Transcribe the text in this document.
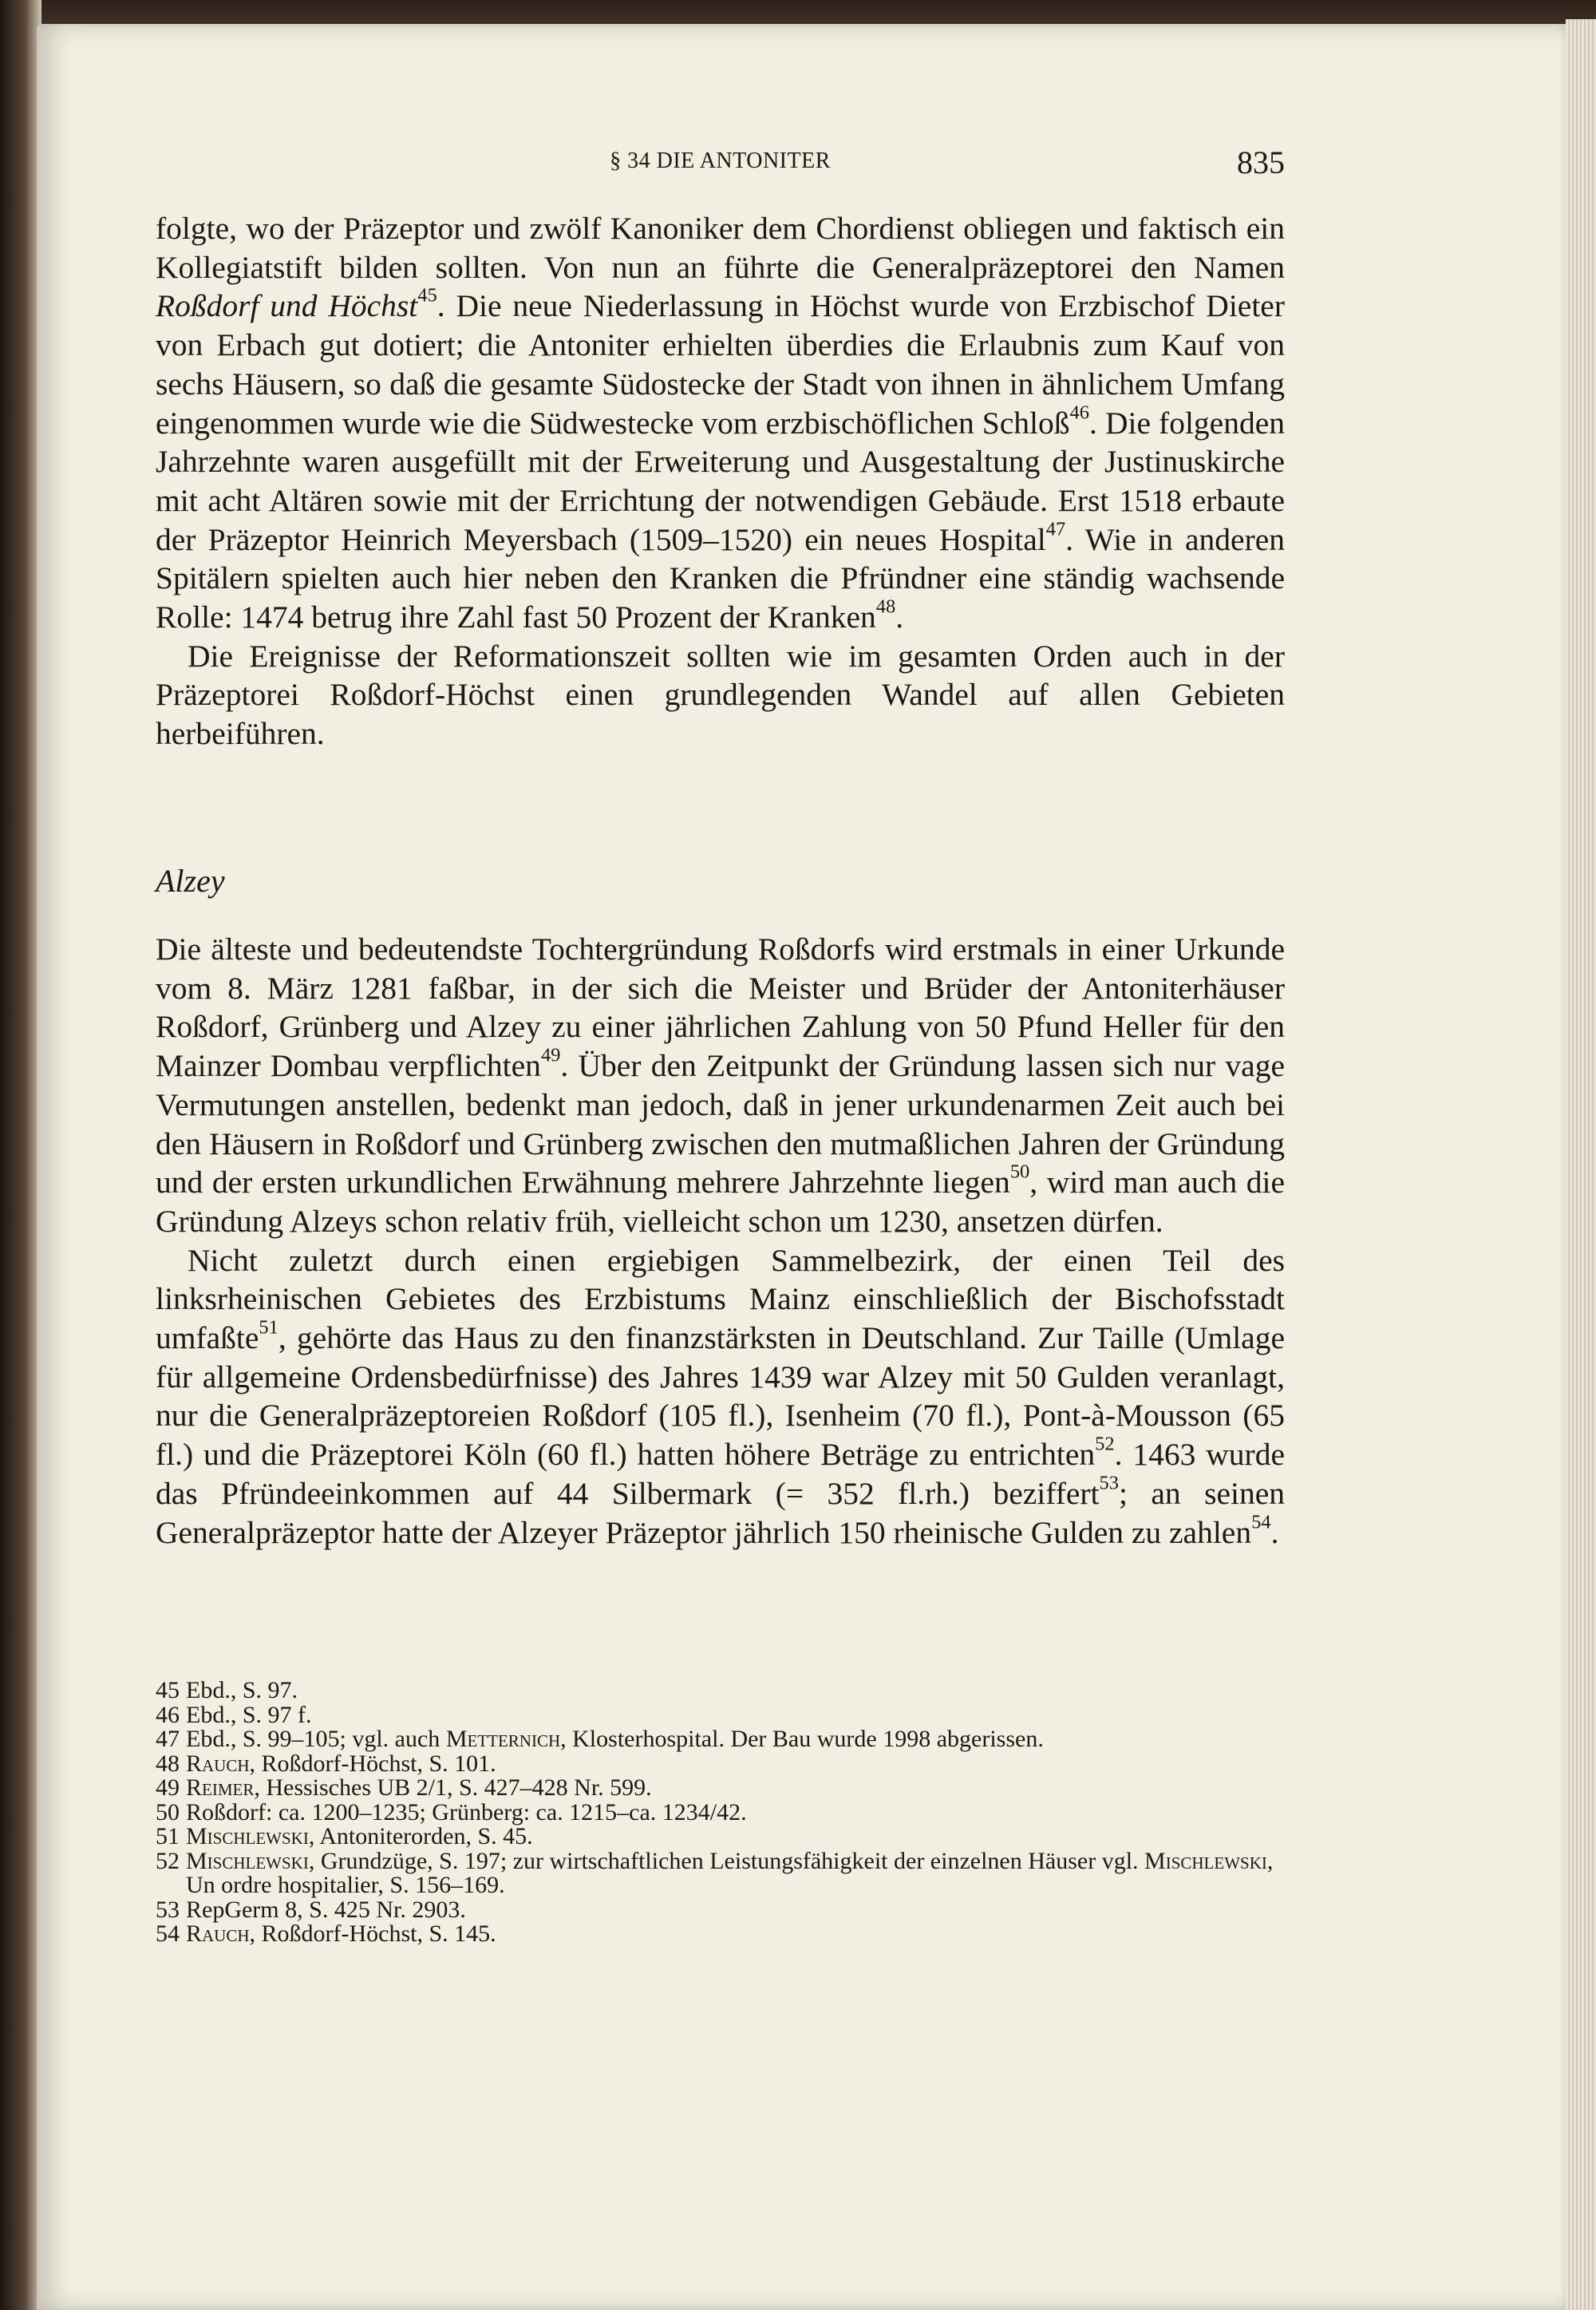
§ 34 DIE ANTONITER	835

folgte, wo der Präzeptor und zwölf Kanoniker dem Chordienst obliegen und faktisch ein Kollegiatstift bilden sollten. Von nun an führte die Generalpräzeptorei den Namen Roßdorf und Höchst$^{45}$. Die neue Niederlassung in Höchst wurde von Erzbischof Dieter von Erbach gut dotiert; die Antoniter erhielten überdies die Erlaubnis zum Kauf von sechs Häusern, so daß die gesamte Südostecke der Stadt von ihnen in ähnlichem Umfang eingenommen wurde wie die Südwestecke vom erzbischöflichen Schloß$^{46}$. Die folgenden Jahrzehnte waren ausgefüllt mit der Erweiterung und Ausgestaltung der Justinuskirche mit acht Altären sowie mit der Errichtung der notwendigen Gebäude. Erst 1518 erbaute der Präzeptor Heinrich Meyersbach (1509–1520) ein neues Hospital$^{47}$. Wie in anderen Spitälern spielten auch hier neben den Kranken die Pfründner eine ständig wachsende Rolle: 1474 betrug ihre Zahl fast 50 Prozent der Kranken$^{48}$.

Die Ereignisse der Reformationszeit sollten wie im gesamten Orden auch in der Präzeptorei Roßdorf-Höchst einen grundlegenden Wandel auf allen Gebieten herbeiführen.

Alzey

Die älteste und bedeutendste Tochtergründung Roßdorfs wird erstmals in einer Urkunde vom 8. März 1281 faßbar, in der sich die Meister und Brüder der Antoniterhäuser Roßdorf, Grünberg und Alzey zu einer jährlichen Zahlung von 50 Pfund Heller für den Mainzer Dombau verpflichten$^{49}$. Über den Zeitpunkt der Gründung lassen sich nur vage Vermutungen anstellen, bedenkt man jedoch, daß in jener urkundenarmen Zeit auch bei den Häusern in Roßdorf und Grünberg zwischen den mutmaßlichen Jahren der Gründung und der ersten urkundlichen Erwähnung mehrere Jahrzehnte liegen$^{50}$, wird man auch die Gründung Alzeys schon relativ früh, vielleicht schon um 1230, ansetzen dürfen.

Nicht zuletzt durch einen ergiebigen Sammelbezirk, der einen Teil des linksrheinischen Gebietes des Erzbistums Mainz einschließlich der Bischofsstadt umfaßte$^{51}$, gehörte das Haus zu den finanzstärksten in Deutschland. Zur Taille (Umlage für allgemeine Ordensbedürfnisse) des Jahres 1439 war Alzey mit 50 Gulden veranlagt, nur die Generalpräzeptoreien Roßdorf (105 fl.), Isenheim (70 fl.), Pont-à-Mousson (65 fl.) und die Präzeptorei Köln (60 fl.) hatten höhere Beträge zu entrichten$^{52}$. 1463 wurde das Pfründeeinkommen auf 44 Silbermark (= 352 fl.rh.) beziffert$^{53}$; an seinen Generalpräzeptor hatte der Alzeyer Präzeptor jährlich 150 rheinische Gulden zu zahlen$^{54}$.

45 Ebd., S. 97.
46 Ebd., S. 97 f.
47 Ebd., S. 99–105; vgl. auch Metternich, Klosterhospital. Der Bau wurde 1998 abgerissen.
48 Rauch, Roßdorf-Höchst, S. 101.
49 Reimer, Hessisches UB 2/1, S. 427–428 Nr. 599.
50 Roßdorf: ca. 1200–1235; Grünberg: ca. 1215–ca. 1234/42.
51 Mischlewski, Antoniterorden, S. 45.
52 Mischlewski, Grundzüge, S. 197; zur wirtschaftlichen Leistungsfähigkeit der einzelnen Häuser vgl. Mischlewski, Un ordre hospitalier, S. 156–169.
53 RepGerm 8, S. 425 Nr. 2903.
54 Rauch, Roßdorf-Höchst, S. 145.
